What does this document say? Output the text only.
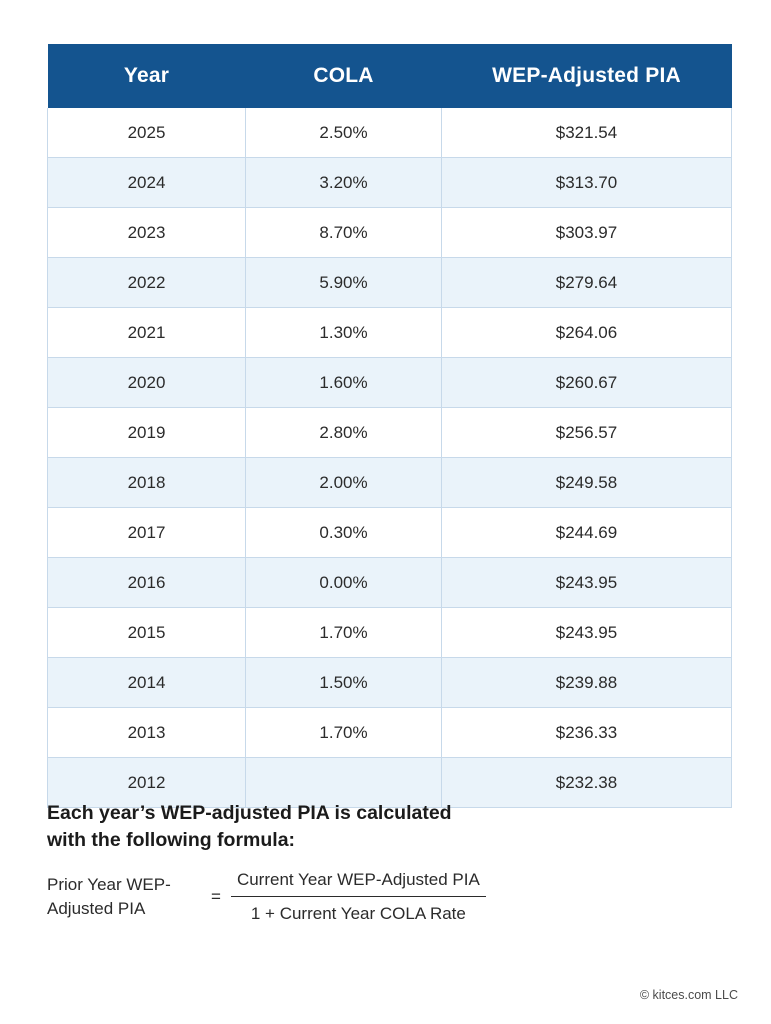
Year	COLA	WEP-Adjusted PIA
2025	2.50%	$321.54
2024	3.20%	$313.70
2023	8.70%	$303.97
2022	5.90%	$279.64
2021	1.30%	$264.06
2020	1.60%	$260.67
2019	2.80%	$256.57
2018	2.00%	$249.58
2017	0.30%	$244.69
2016	0.00%	$243.95
2015	1.70%	$243.95
2014	1.50%	$239.88
2013	1.70%	$236.33
2012		$232.38

Each year’s WEP-adjusted PIA is calculated with the following formula:

Prior Year WEP-Adjusted PIA
= $\frac{\text{Current Year WEP-Adjusted PIA}}{\text{1 + Current Year COLA Rate}}$
© kitces.com LLC
